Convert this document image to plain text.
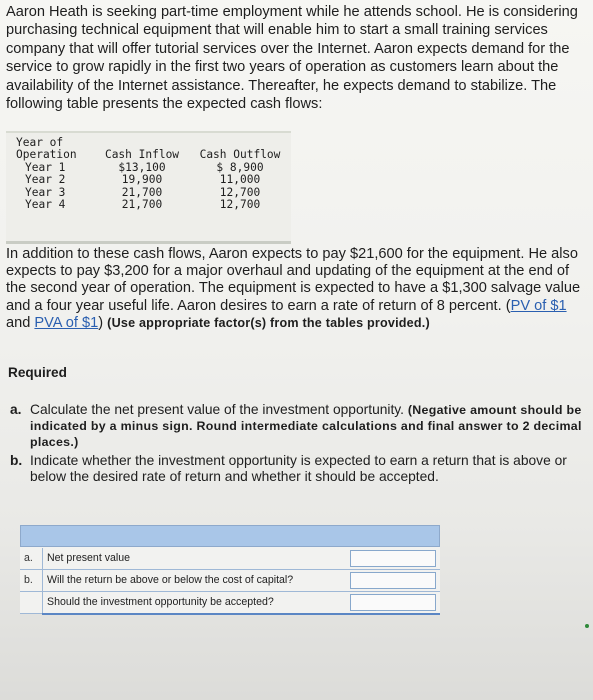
Aaron Heath is seeking part-time employment while he attends school. He is considering purchasing technical equipment that will enable him to start a small training services company that will offer tutorial services over the Internet. Aaron expects demand for the service to grow rapidly in the first two years of operation as customers learn about the availability of the Internet assistance. Thereafter, he expects demand to stabilize. The following table presents the expected cash flows:
Year of
Operation
Year 1
Year 2
Year 3
Year 4

Cash Inflow
$13,100
19,900
21,700
21,700

Cash Outflow
$ 8,900
11,000
12,700
12,700
In addition to these cash flows, Aaron expects to pay $21,600 for the equipment. He also expects to pay $3,200 for a major overhaul and updating of the equipment at the end of the second year of operation. The equipment is expected to have a $1,300 salvage value and a four year useful life. Aaron desires to earn a rate of return of 8 percent. (PV of $1 and PVA of $1) (Use appropriate factor(s) from the tables provided.)
Required
a. Calculate the net present value of the investment opportunity. (Negative amount should be indicated by a minus sign. Round intermediate calculations and final answer to 2 decimal places.)
b. Indicate whether the investment opportunity is expected to earn a return that is above or below the desired rate of return and whether it should be accepted.
a.	Net present value
b.	Will the return be above or below the cost of capital?
Should the investment opportunity be accepted?
